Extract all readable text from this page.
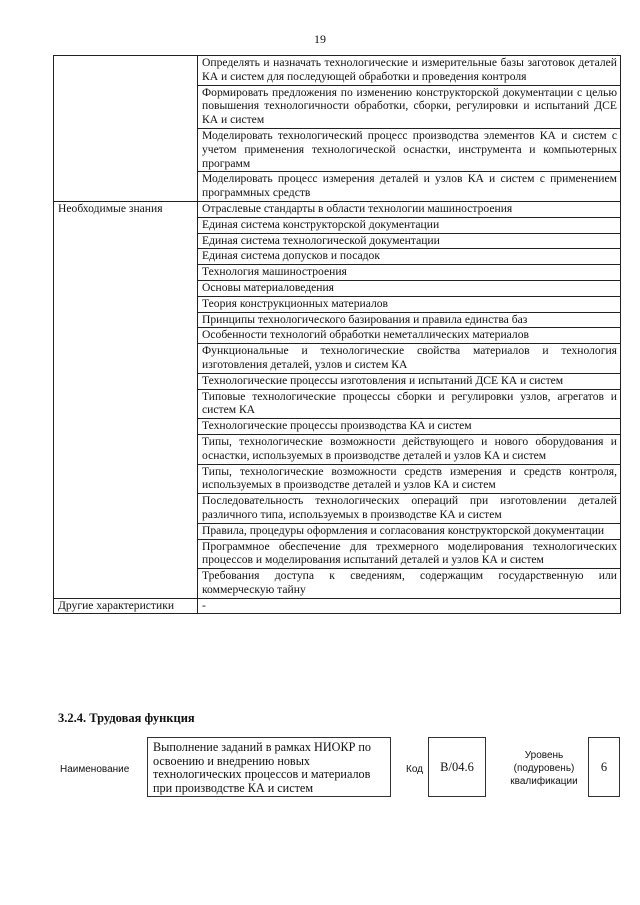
19
	Определять и назначать технологические и измерительные базы заготовок деталей КА и систем для последующей обработки и проведения контроля
	Формировать предложения по изменению конструкторской документации с целью повышения технологичности обработки, сборки, регулировки и испытаний ДСЕ КА и систем
	Моделировать технологический процесс производства элементов КА и систем с учетом применения технологической оснастки, инструмента и компьютерных программ
	Моделировать процесс измерения деталей и узлов КА и систем с применением программных средств
Необходимые знания	Отраслевые стандарты в области технологии машиностроения
	Единая система конструкторской документации
	Единая система технологической документации
	Единая система допусков и посадок
	Технология машиностроения
	Основы материаловедения
	Теория конструкционных материалов
	Принципы технологического базирования и правила единства баз
	Особенности технологий обработки неметаллических материалов
	Функциональные и технологические свойства материалов и технология изготовления деталей, узлов и систем КА
	Технологические процессы изготовления и испытаний ДСЕ КА и систем
	Типовые технологические процессы сборки и регулировки узлов, агрегатов и систем КА
	Технологические процессы производства КА и систем
	Типы, технологические возможности действующего и нового оборудования и оснастки, используемых в производстве деталей и узлов КА и систем
	Типы, технологические возможности средств измерения и средств контроля, используемых в производстве деталей и узлов КА и систем
	Последовательность технологических операций при изготовлении деталей различного типа, используемых в производстве КА и систем
	Правила, процедуры оформления и согласования конструкторской документации
	Программное обеспечение для трехмерного моделирования технологических процессов и моделирования испытаний деталей и узлов КА и систем
	Требования доступа к сведениям, содержащим государственную или коммерческую тайну
Другие характеристики	-
3.2.4. Трудовая функция
Наименование
Выполнение заданий в рамках НИОКР по освоению и внедрению новых технологических процессов и материалов при производстве КА и систем
Код	B/04.6
Уровень (подуровень) квалификации
6
